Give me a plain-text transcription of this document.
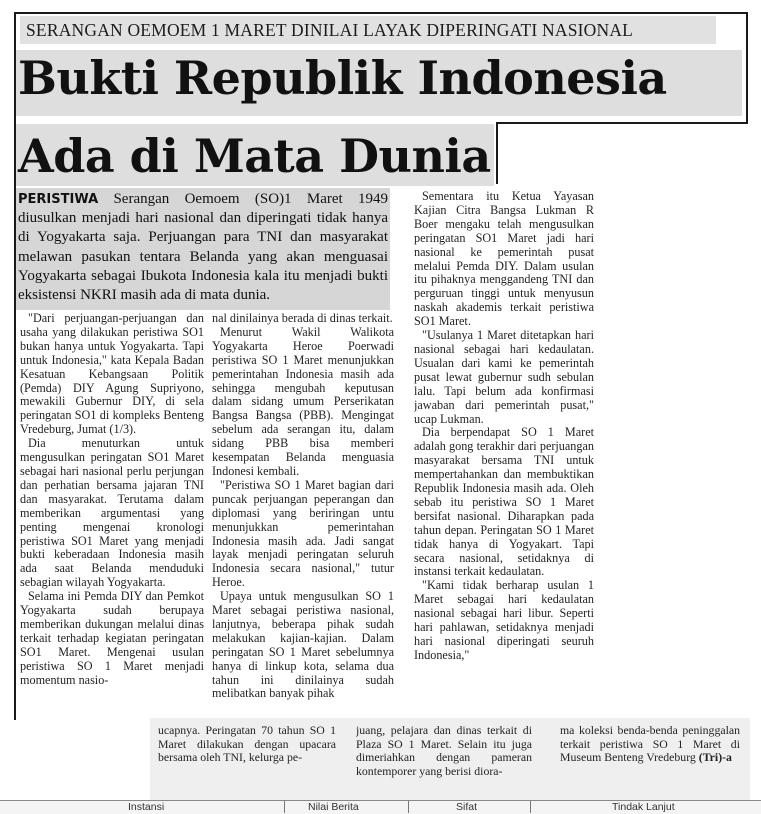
SERANGAN OEMOEM 1 MARET DINILAI LAYAK DIPERINGATI NASIONAL
Bukti Republik Indonesia
Ada di Mata Dunia
PERISTIWA Serangan Oemoem (SO)1 Maret 1949 diusulkan menjadi hari nasional dan diperingati tidak hanya di Yogyakarta saja. Perjuangan para TNI dan masyarakat melawan pasukan tentara Belanda yang akan menguasai Yogyakarta sebagai Ibukota Indonesia kala itu menjadi bukti eksistensi NKRI masih ada di mata dunia.

"Dari perjuangan-perjuangan dan usaha yang dilakukan peristiwa SO1 bukan hanya untuk Yogyakarta. Tapi untuk Indonesia," kata Kepala Badan Kesatuan Kebangsaan Politik (Pemda) DIY Agung Supriyono, mewakili Gubernur DIY, di sela peringatan SO1 di kompleks Benteng Vredeburg, Jumat (1/3).

Dia menuturkan untuk mengusulkan peringatan SO1 Maret sebagai hari nasional perlu perjungan dan perhatian bersama jajaran TNI dan masyarakat. Terutama dalam memberikan argumentasi yang penting mengenai kronologi peristiwa SO1 Maret yang menjadi bukti keberadaan Indonesia masih ada saat Belanda menduduki sebagian wilayah Yogyakarta.

Selama ini Pemda DIY dan Pemkot Yogyakarta sudah berupaya memberikan dukungan melalui dinas terkait terhadap kegiatan peringatan SO1 Maret. Mengenai usulan peristiwa SO 1 Maret menjadi momentum nasio-

nal dinilainya berada di dinas terkait.

Menurut Wakil Walikota Yogyakarta Heroe Poerwadi peristiwa SO 1 Maret menunjukkan pemerintahan Indonesia masih ada sehingga mengubah keputusan dalam sidang umum Perserikatan Bangsa Bangsa (PBB). Mengingat sebelum ada serangan itu, dalam sidang PBB bisa memberi kesempatan Belanda menguasia Indonesi kembali.

"Peristiwa SO 1 Maret bagian dari puncak perjuangan peperangan dan diplomasi yang beriringan untu menunjukkan pemerintahan Indonesia masih ada. Jadi sangat layak menjadi peringatan seluruh Indonesia secara nasional," tutur Heroe.

Upaya untuk mengusulkan SO 1 Maret sebagai peristiwa nasional, lanjutnya, beberapa pihak sudah melakukan kajian-kajian. Dalam peringatan SO 1 Maret sebelumnya hanya di linkup kota, selama dua tahun ini dinilainya sudah melibatkan banyak pihak

Sementara itu Ketua Yayasan Kajian Citra Bangsa Lukman R Boer mengaku telah mengusulkan peringatan SO1 Maret jadi hari nasional ke pemerintah pusat melalui Pemda DIY. Dalam usulan itu pihaknya menggandeng TNI dan perguruan tinggi untuk menyusun naskah akademis terkait peristiwa SO1 Maret.

"Usulanya 1 Maret ditetapkan hari nasional sebagai hari kedaulatan. Usualan dari kami ke pemerintah pusat lewat gubernur sudh sebulan lalu. Tapi belum ada konfirmasi jawaban dari pemerintah pusat," ucap Lukman.

Dia berpendapat SO 1 Maret adalah gong terakhir dari perjuangan masyarakat bersama TNI untuk mempertahankan dan membuktikan Republik Indonesia masih ada. Oleh sebab itu peristiwa SO 1 Maret bersifat nasional. Diharapkan pada tahun depan. Peringatan SO 1 Maret tidak hanya di Yogyakart. Tapi secara nasional, setidaknya di instansi terkait kedaulatan.

"Kami tidak berharap usulan 1 Maret sebagai hari kedaulatan nasional sebagai hari libur. Seperti hari pahlawan, setidaknya menjadi hari nasional diperingati seuruh Indonesia,"

ucapnya. Peringatan 70 tahun SO 1 Maret dilakukan dengan upacara bersama oleh TNI, kelurga pe-

juang, pelajara dan dinas terkait di Plaza SO 1 Maret. Selain itu juga dimeriahkan dengan pameran kontemporer yang berisi diora-

ma koleksi benda-benda peninggalan terkait peristiwa SO 1 Maret di Museum Benteng Vredeburg (Tri)-a

Instansi	Nilai Berita	Sifat	Tindak Lanjut
